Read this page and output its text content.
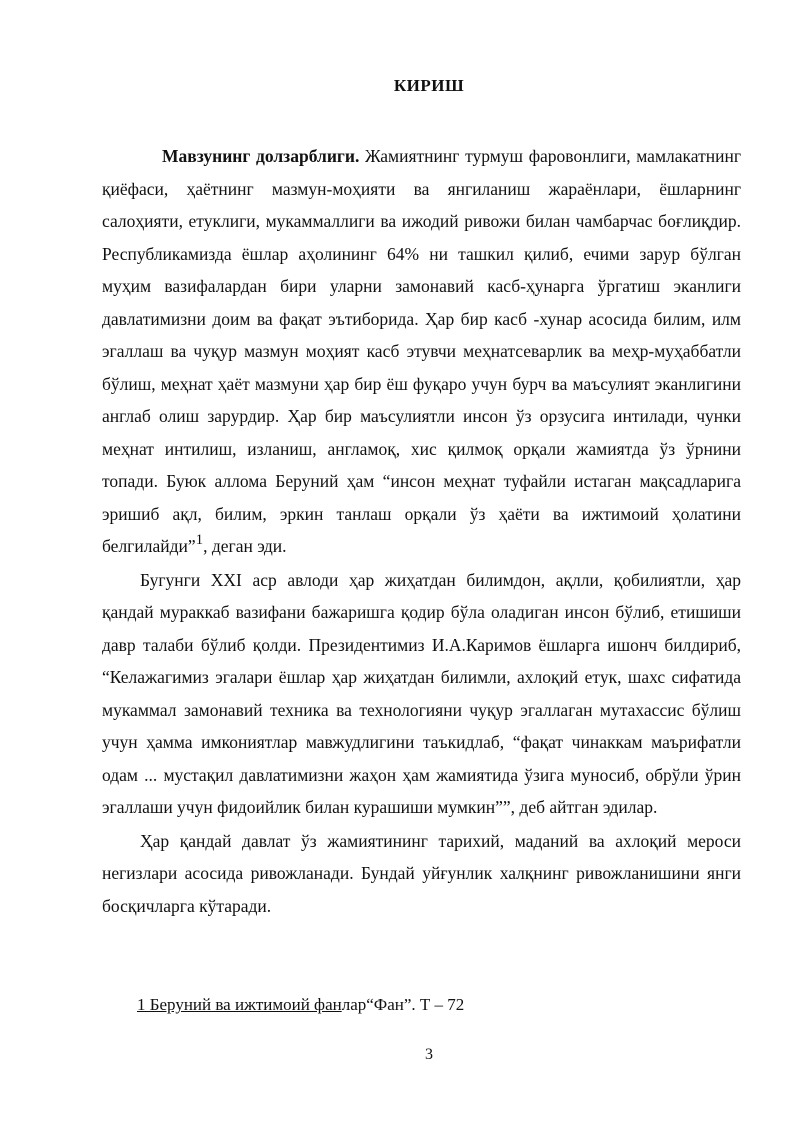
КИРИШ

Мавзунинг долзарблиги. Жамиятнинг турмуш фаровонлиги, мамлакатнинг қиёфаси, ҳаётнинг мазмун-моҳияти ва янгиланиш жараёнлари, ёшларнинг салоҳияти, етуклиги, мукаммаллиги ва ижодий ривожи билан чамбарчас боғлиқдир. Республикамизда ёшлар аҳолининг 64% ни ташкил қилиб, ечими зарур бўлган муҳим вазифалардан бири уларни замонавий касб-ҳунарга ўргатиш эканлиги давлатимизни доим ва фақат эътиборида. Ҳар бир касб -хунар асосида билим, илм эгаллаш ва чуқур мазмун моҳият касб этувчи меҳнатсеварлик ва меҳр-муҳаббатли бўлиш, меҳнат ҳаёт мазмуни ҳар бир ёш фуқаро учун бурч ва маъсулият эканлигини англаб олиш зарурдир. Ҳар бир маъсулиятли инсон ўз орзусига интилади, чунки меҳнат интилиш, изланиш, англамоқ, хис қилмоқ орқали жамиятда ўз ўрнини топади. Буюк аллома Беруний ҳам “инсон меҳнат туфайли истаган мақсадларига эришиб ақл, билим, эркин танлаш орқали ўз ҳаёти ва ижтимоий ҳолатини белгилайди”$^1$, деган эди.

Бугунги XXI аср авлоди ҳар жиҳатдан билимдон, ақлли, қобилиятли, ҳар қандай мураккаб вазифани бажаришга қодир бўла оладиган инсон бўлиб, етишиши давр талаби бўлиб қолди. Президентимиз И.А.Каримов ёшларга ишонч билдириб, “Келажагимиз эгалари ёшлар ҳар жиҳатдан билимли, ахлоқий етук, шахс сифатида мукаммал замонавий техника ва технологияни чуқур эгаллаган мутахассис бўлиш учун ҳамма имкониятлар мавжудлигини таъкидлаб, “фақат чинаккам маърифатли одам ... мустақил давлатимизни жаҳон ҳам жамиятида ўзига муносиб, обрўли ўрин эгаллаши учун фидоийлик билан курашиши мумкин””, деб айтган эдилар.

Ҳар қандай давлат ўз жамиятининг тарихий, маданий ва ахлоқий мероси негизлари асосида ривожланади. Бундай уйғунлик халқнинг ривожланишини янги босқичларга кўтаради.

1 Беруний ва ижтимоий фанлар“Фан”. Т – 72
3
